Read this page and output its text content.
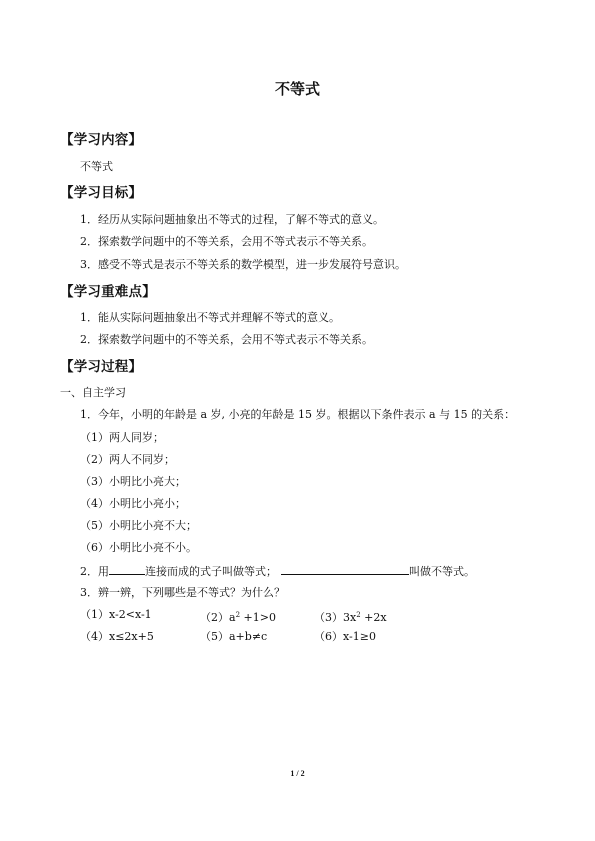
不等式
【学习内容】
不等式
【学习目标】
1．经历从实际问题抽象出不等式的过程，了解不等式的意义。
2．探索数学问题中的不等关系，会用不等式表示不等关系。
3．感受不等式是表示不等关系的数学模型，进一步发展符号意识。
【学习重难点】
1．能从实际问题抽象出不等式并理解不等式的意义。
2．探索数学问题中的不等关系，会用不等式表示不等关系。
【学习过程】
一、自主学习
1．今年，小明的年龄是 a 岁, 小亮的年龄是 15 岁。根据以下条件表示 a 与 15 的关系：
（1）两人同岁；
（2）两人不同岁；
（3）小明比小亮大；
（4）小明比小亮小；
（5）小明比小亮不大；
（6）小明比小亮不小。
2．用	连接而成的式子叫做等式；	叫做不等式。
3．辨一辨，下列哪些是不等式？为什么？
（1）x-2<x-1	$(2)a^2 +1>0$	$(3)3x^2 +2x$
（4）x≤2x+5	（5）a+b≠c	（6）x-1≥0
1 / 2
